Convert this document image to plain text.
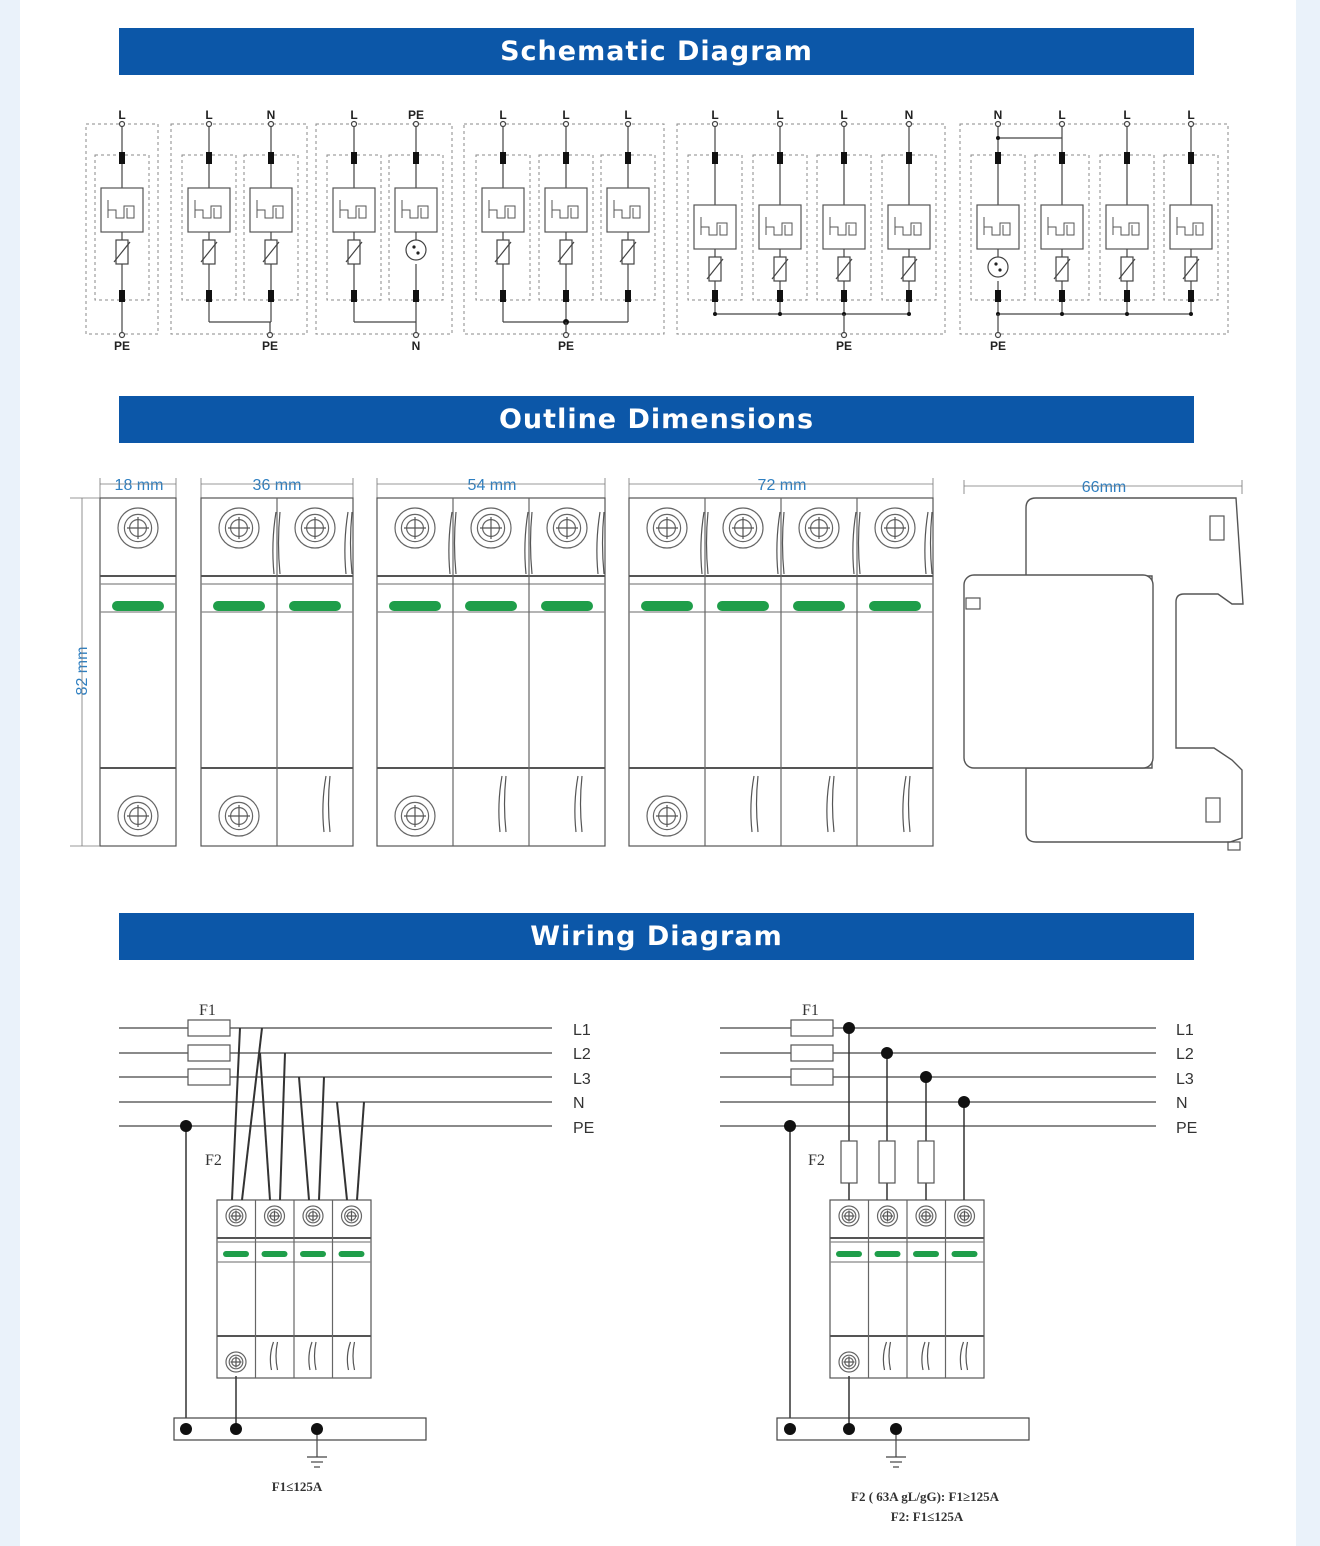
Schematic Diagram
Outline Dimensions
Wiring Diagram
L
PE
L	N
PE
L	PE
N
L	L	L
PE
L	L	L	N
PE
N	L	L	L
PE
18 mm	36 mm	54 mm	72 mm	66mm
82 mm
F1
F2
L1
L2
L3
N
PE
F1≤125A
F1
F2
L1
L2
L3
N
PE
F2 ( 63A gL/gG): F1≥125A
F2: F1≤125A
